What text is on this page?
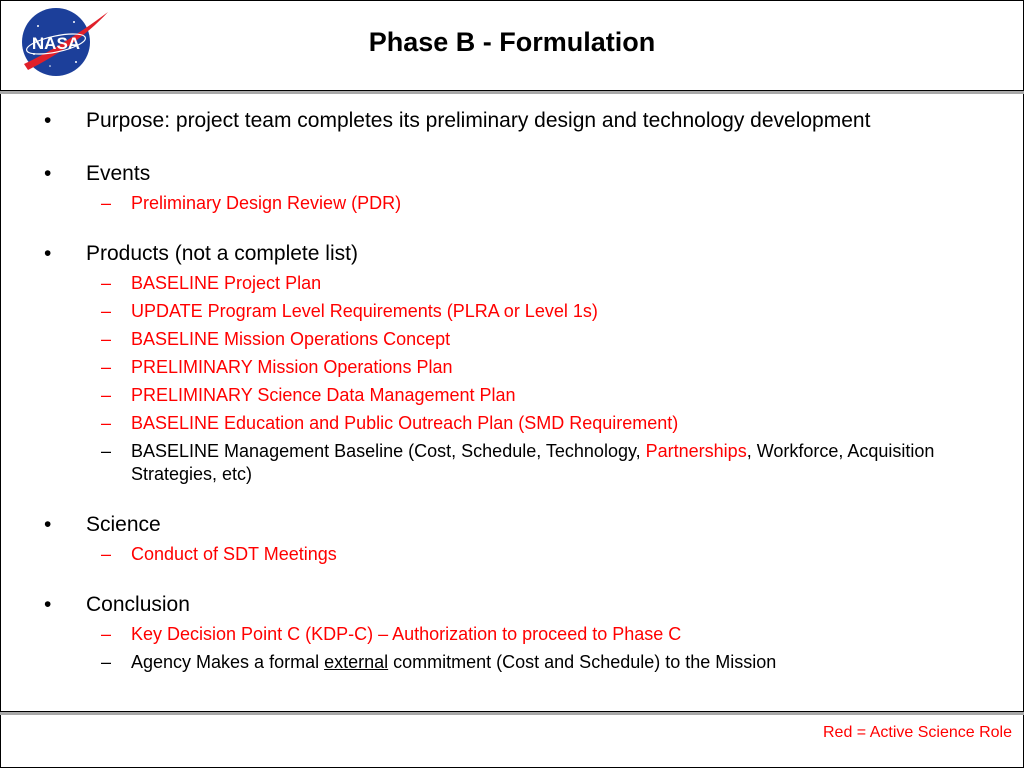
NASA	Phase B - Formulation
• Purpose: project team completes its preliminary design and technology development
• Events
– Preliminary Design Review (PDR)
• Products (not a complete list)
– BASELINE Project Plan
– UPDATE Program Level Requirements (PLRA or Level 1s)
– BASELINE Mission Operations Concept
– PRELIMINARY Mission Operations Plan
– PRELIMINARY Science Data Management Plan
– BASELINE Education and Public Outreach Plan (SMD Requirement)
– BASELINE Management Baseline (Cost, Schedule, Technology, Partnerships, Workforce, Acquisition Strategies, etc)
• Science
– Conduct of SDT Meetings
• Conclusion
– Key Decision Point C (KDP-C) – Authorization to proceed to Phase C
– Agency Makes a formal external commitment (Cost and Schedule) to the Mission
Red = Active Science Role
